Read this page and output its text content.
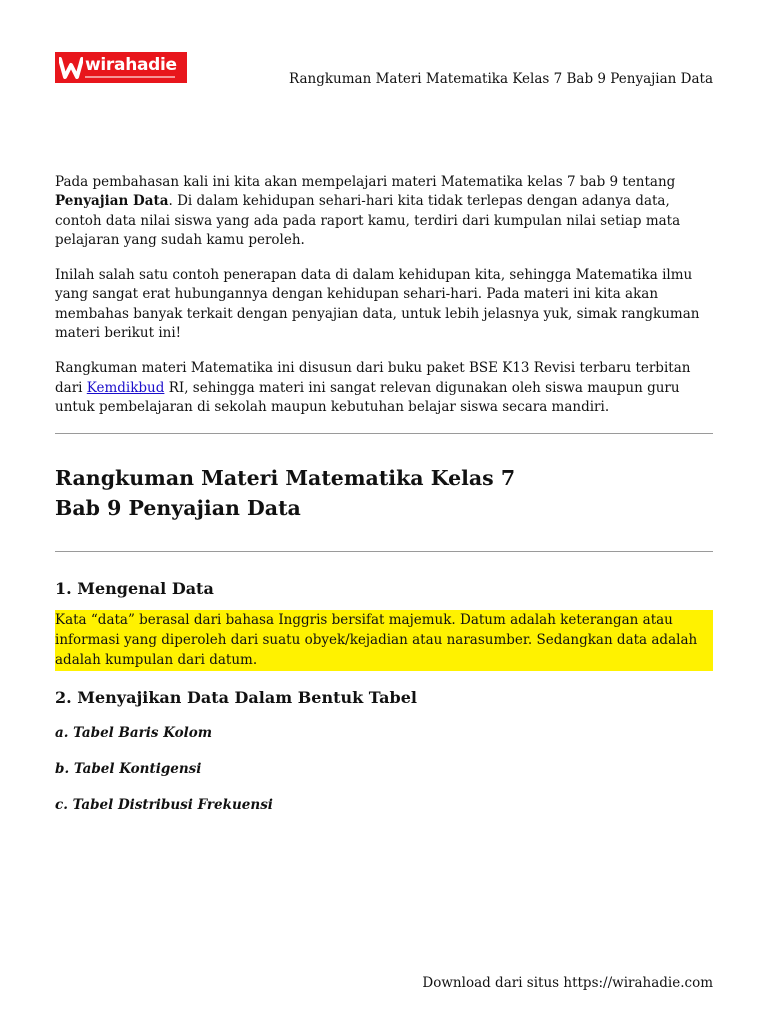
wirahadie
Rangkuman Materi Matematika Kelas 7 Bab 9 Penyajian Data

Pada pembahasan kali ini kita akan mempelajari materi Matematika kelas 7 bab 9 tentang Penyajian Data. Di dalam kehidupan sehari-hari kita tidak terlepas dengan adanya data, contoh data nilai siswa yang ada pada raport kamu, terdiri dari kumpulan nilai setiap mata pelajaran yang sudah kamu peroleh.

Inilah salah satu contoh penerapan data di dalam kehidupan kita, sehingga Matematika ilmu yang sangat erat hubungannya dengan kehidupan sehari-hari. Pada materi ini kita akan membahas banyak terkait dengan penyajian data, untuk lebih jelasnya yuk, simak rangkuman materi berikut ini!

Rangkuman materi Matematika ini disusun dari buku paket BSE K13 Revisi terbaru terbitan dari Kemdikbud RI, sehingga materi ini sangat relevan digunakan oleh siswa maupun guru untuk pembelajaran di sekolah maupun kebutuhan belajar siswa secara mandiri.

Rangkuman Materi Matematika Kelas 7
Bab 9 Penyajian Data
1. Mengenal Data

Kata “data” berasal dari bahasa Inggris bersifat majemuk. Datum adalah keterangan atau informasi yang diperoleh dari suatu obyek/kejadian atau narasumber. Sedangkan data adalah adalah kumpulan dari datum.

2. Menyajikan Data Dalam Bentuk Tabel

a. Tabel Baris Kolom

b. Tabel Kontigensi

c. Tabel Distribusi Frekuensi

Download dari situs https://wirahadie.com
